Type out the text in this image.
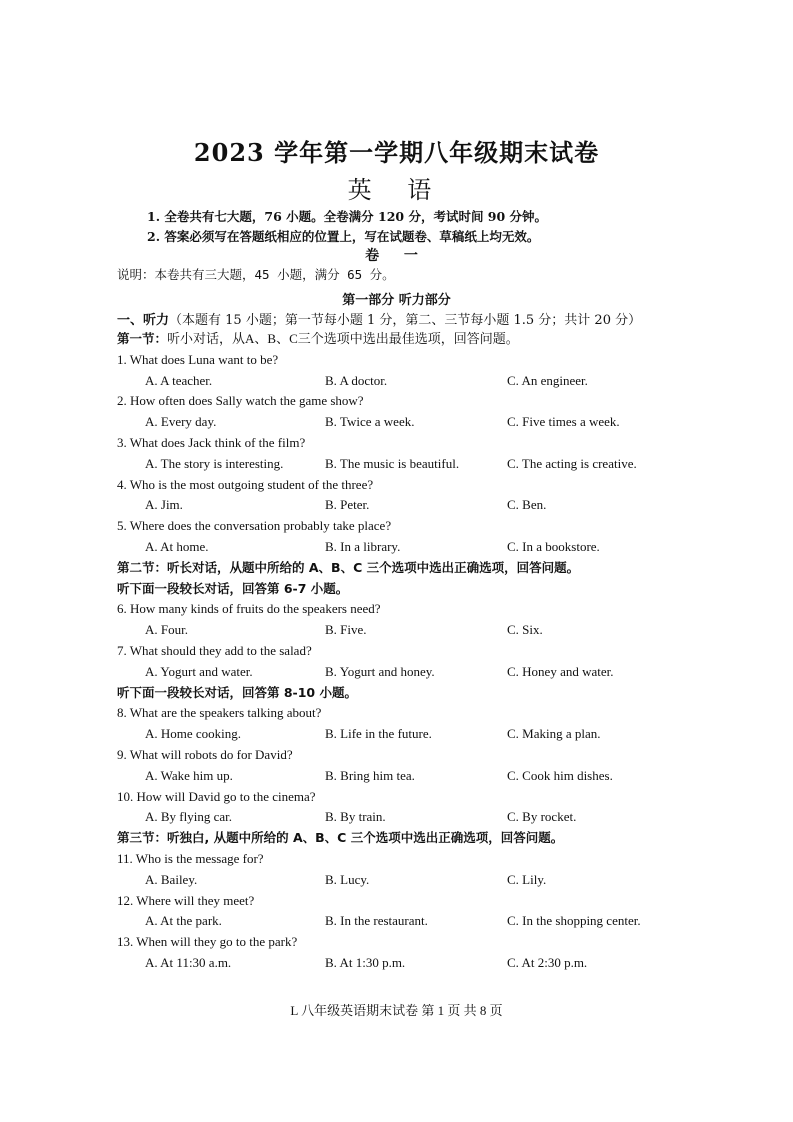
2023 学年第一学期八年级期末试卷
英 语
1. 全卷共有七大题，76 小题。全卷满分 120 分，考试时间 90 分钟。
2. 答案必须写在答题纸相应的位置上，写在试题卷、草稿纸上均无效。
卷 一
说明：本卷共有三大题，45 小题，满分 65 分。
第一部分 听力部分
一、听力（本题有 15 小题；第一节每小题 1 分，第二、三节每小题 1.5 分；共计 20 分）
第一节：听小对话，从A、B、C三个选项中选出最佳选项，回答问题。
1. What does Luna want to be?
A. A teacher.	B. A doctor.	C. An engineer.
2. How often does Sally watch the game show?
A. Every day.	B. Twice a week.	C. Five times a week.
3. What does Jack think of the film?
A. The story is interesting.	B. The music is beautiful.	C. The acting is creative.
4. Who is the most outgoing student of the three?
A. Jim.	B. Peter.	C. Ben.
5. Where does the conversation probably take place?
A. At home.	B. In a library.	C. In a bookstore.
第二节：听长对话，从题中所给的 A、B、C 三个选项中选出正确选项，回答问题。
听下面一段较长对话，回答第 6-7 小题。
6. How many kinds of fruits do the speakers need?
A. Four.	B. Five.	C. Six.
7. What should they add to the salad?
A. Yogurt and water.	B. Yogurt and honey.	C. Honey and water.
听下面一段较长对话，回答第 8-10 小题。
8. What are the speakers talking about?
A. Home cooking.	B. Life in the future.	C. Making a plan.
9. What will robots do for David?
A. Wake him up.	B. Bring him tea.	C. Cook him dishes.
10. How will David go to the cinema?
A. By flying car.	B. By train.	C. By rocket.
第三节：听独白, 从题中所给的 A、B、C 三个选项中选出正确选项，回答问题。
11. Who is the message for?
A. Bailey.	B. Lucy.	C. Lily.
12. Where will they meet?
A. At the park.	B. In the restaurant.	C. In the shopping center.
13. When will they go to the park?
A. At 11:30 a.m.	B. At 1:30 p.m.	C. At 2:30 p.m.
L 八年级英语期末试卷 第 1 页 共 8 页
